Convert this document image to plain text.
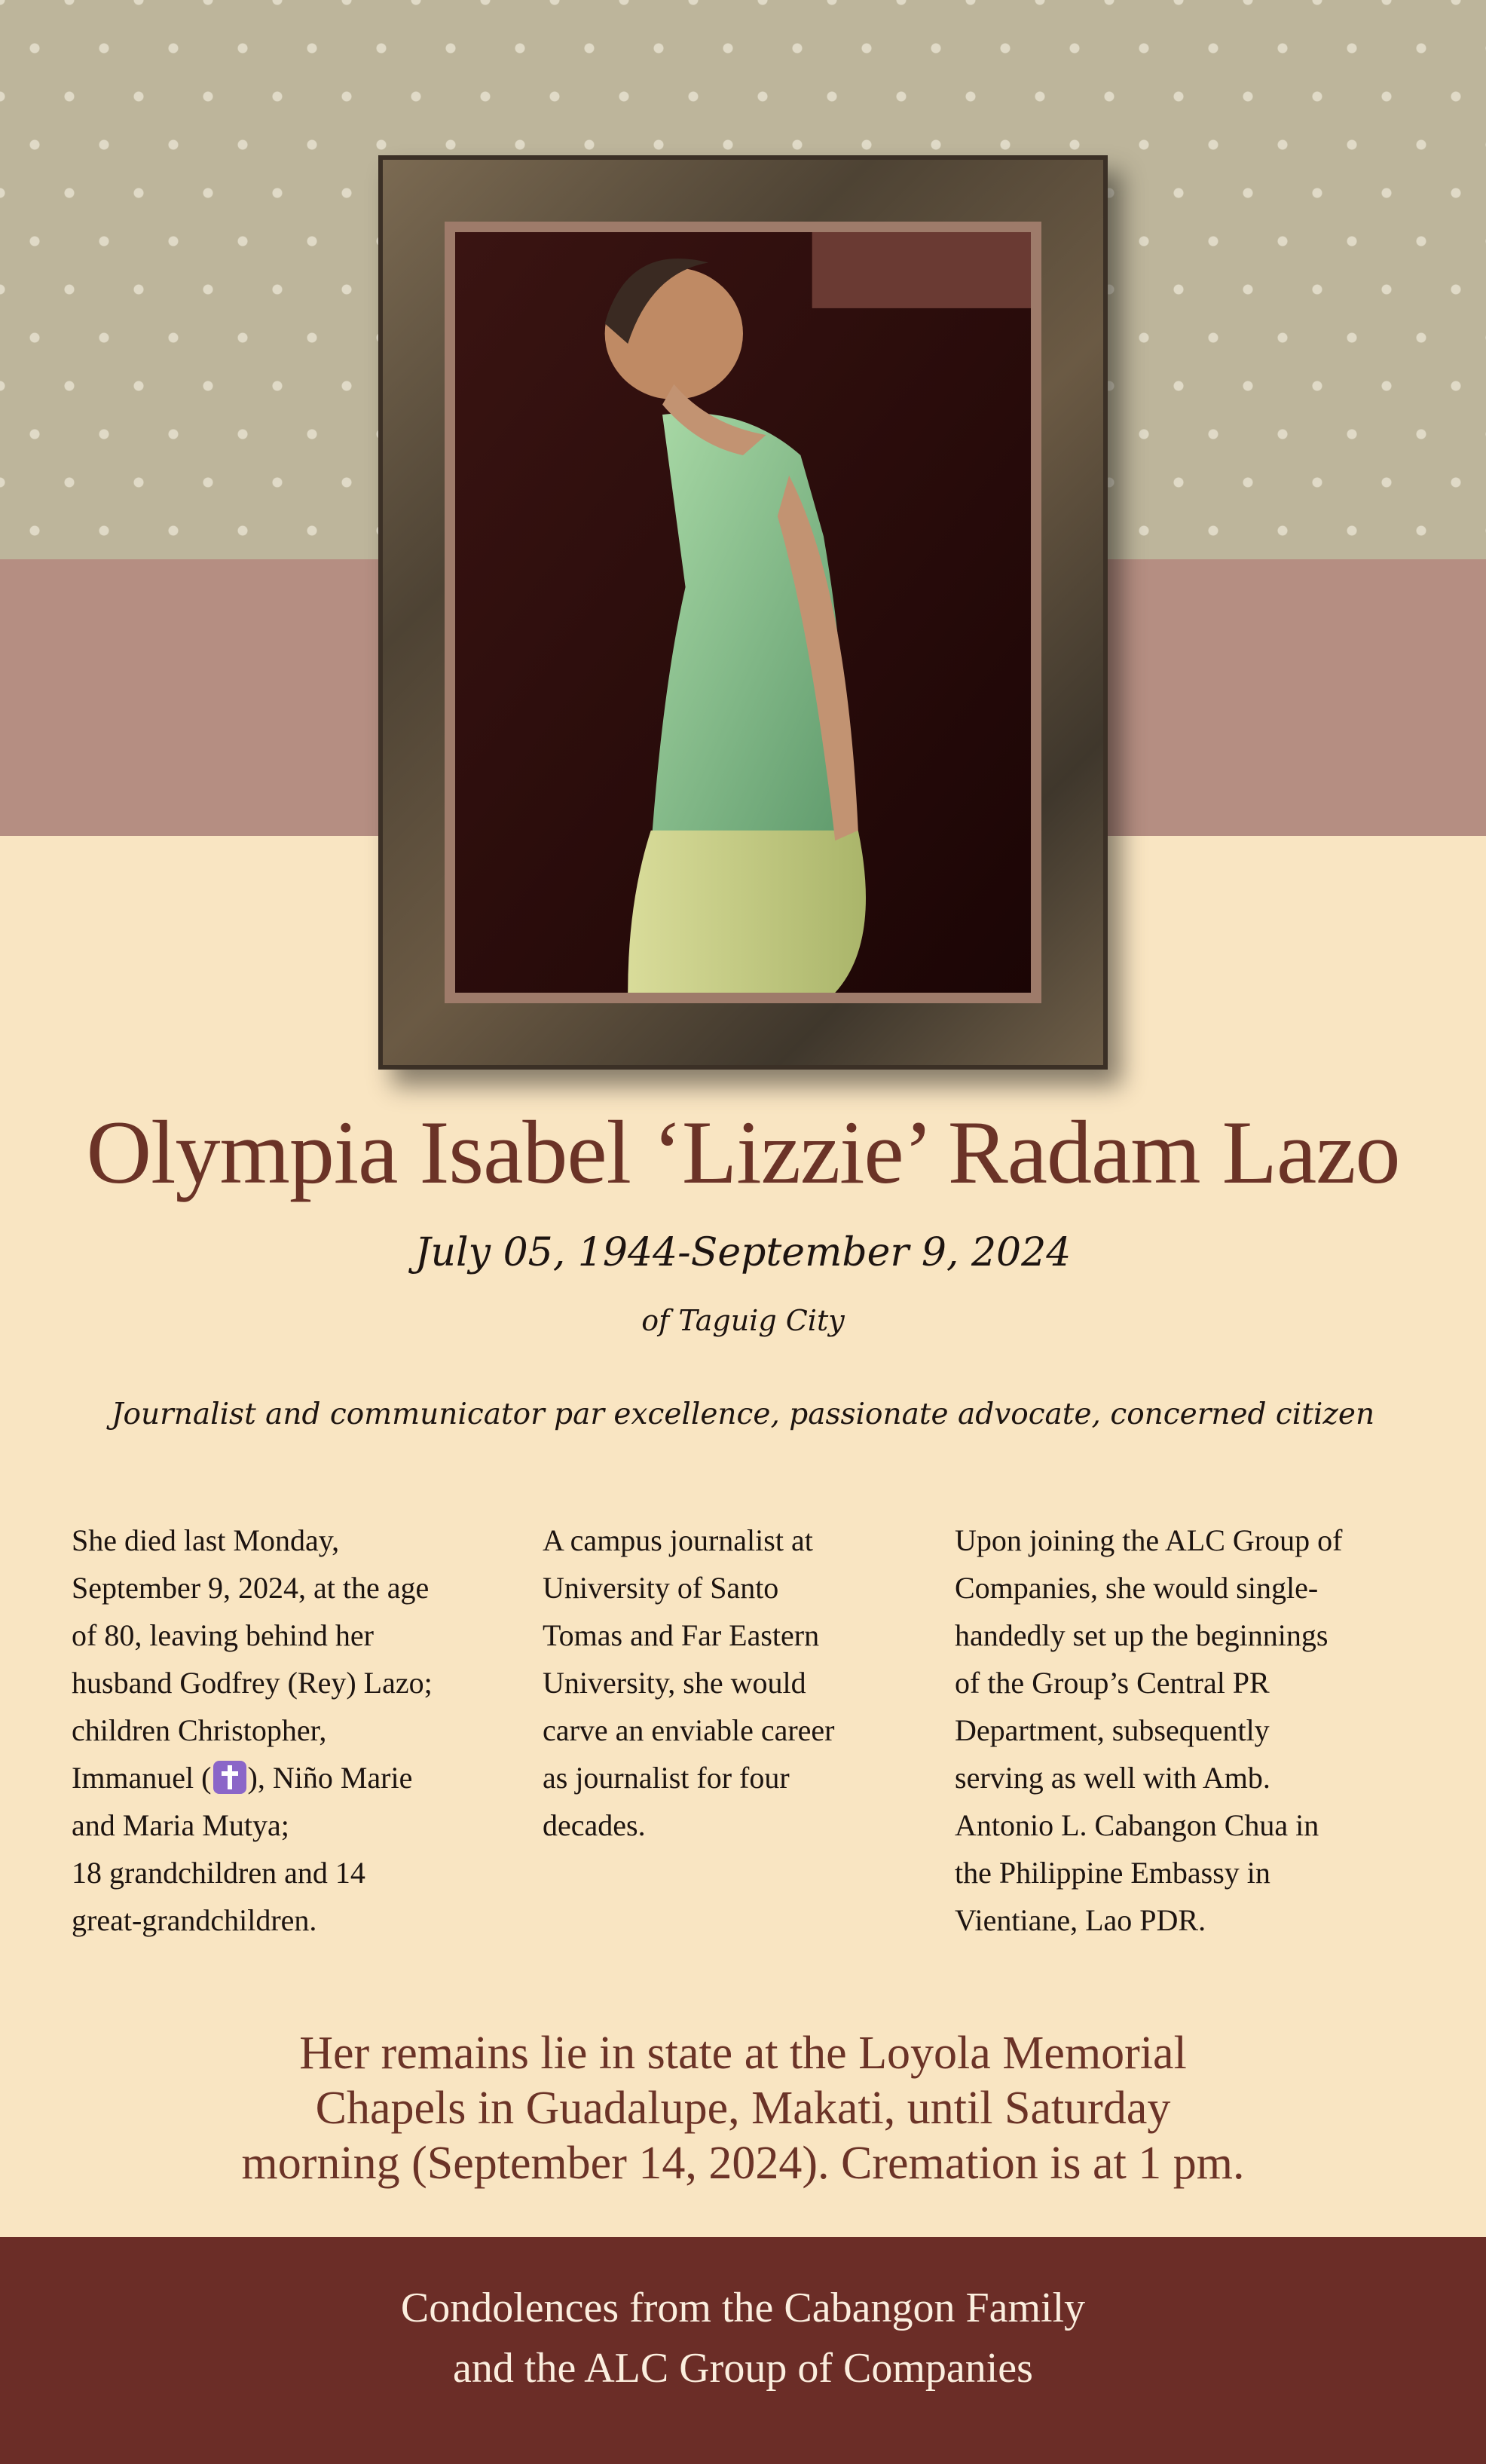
Olympia Isabel ‘Lizzie’ Radam Lazo
July 05, 1944-September 9, 2024
of Taguig City
Journalist and communicator par excellence, passionate advocate, concerned citizen
She died last Monday,
September 9, 2024, at the age
of 80, leaving behind her
husband Godfrey (Rey) Lazo;
children Christopher,
Immanuel ( ), Niño Marie
and Maria Mutya;
18 grandchildren and 14
great-grandchildren.
A campus journalist at
University of Santo
Tomas and Far Eastern
University, she would
carve an enviable career
as journalist for four
decades.
Upon joining the ALC Group of
Companies, she would single-
handedly set up the beginnings
of the Group’s Central PR
Department, subsequently
serving as well with Amb.
Antonio L. Cabangon Chua in
the Philippine Embassy in
Vientiane, Lao PDR.
Her remains lie in state at the Loyola Memorial
Chapels in Guadalupe, Makati, until Saturday
morning (September 14, 2024). Cremation is at 1 pm.
Condolences from the Cabangon Family
and the ALC Group of Companies
